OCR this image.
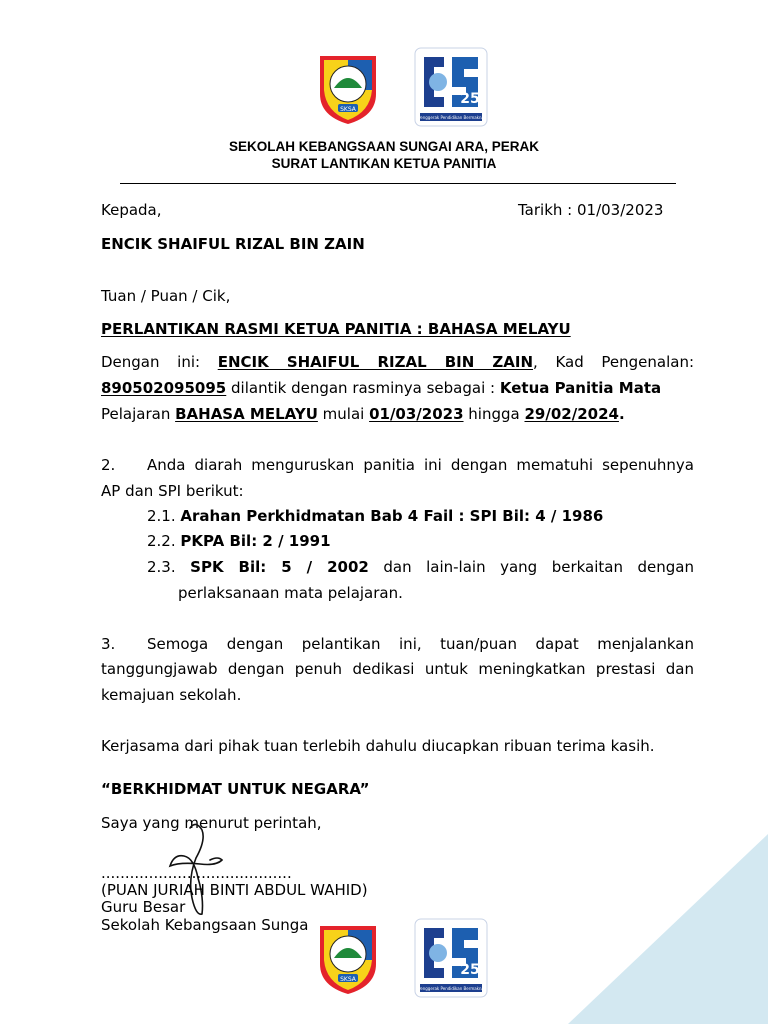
SKSA
25
Penggerak Pendidikan Bermakna
SEKOLAH KEBANGSAAN SUNGAI ARA, PERAK
SURAT LANTIKAN KETUA PANITIA
Kepada,	Tarikh : 01/03/2023
ENCIK SHAIFUL RIZAL BIN ZAIN
Tuan / Puan / Cik,
PERLANTIKAN RASMI KETUA PANITIA : BAHASA MELAYU
Dengan ini: ENCIK SHAIFUL RIZAL BIN ZAIN, Kad Pengenalan:
890502095095 dilantik dengan rasminya sebagai : Ketua Panitia Mata
Pelajaran BAHASA MELAYU mulai 01/03/2023 hingga 29/02/2024.
2. Anda diarah menguruskan panitia ini dengan mematuhi sepenuhnya
AP dan SPI berikut:
2.1. Arahan Perkhidmatan Bab 4 Fail : SPI Bil: 4 / 1986
2.2. PKPA Bil: 2 / 1991
2.3. SPK Bil: 5 / 2002 dan lain-lain yang berkaitan dengan
perlaksanaan mata pelajaran.
3. Semoga dengan pelantikan ini, tuan/puan dapat menjalankan
tanggungjawab dengan penuh dedikasi untuk meningkatkan prestasi dan
kemajuan sekolah.
Kerjasama dari pihak tuan terlebih dahulu diucapkan ribuan terima kasih.
“BERKHIDMAT UNTUK NEGARA”
Saya yang menurut perintah,
........................................
(PUAN JURIAH BINTI ABDUL WAHID)
Guru Besar
Sekolah Kebangsaan Sunga
SKSA
25
Penggerak Pendidikan Bermakna
